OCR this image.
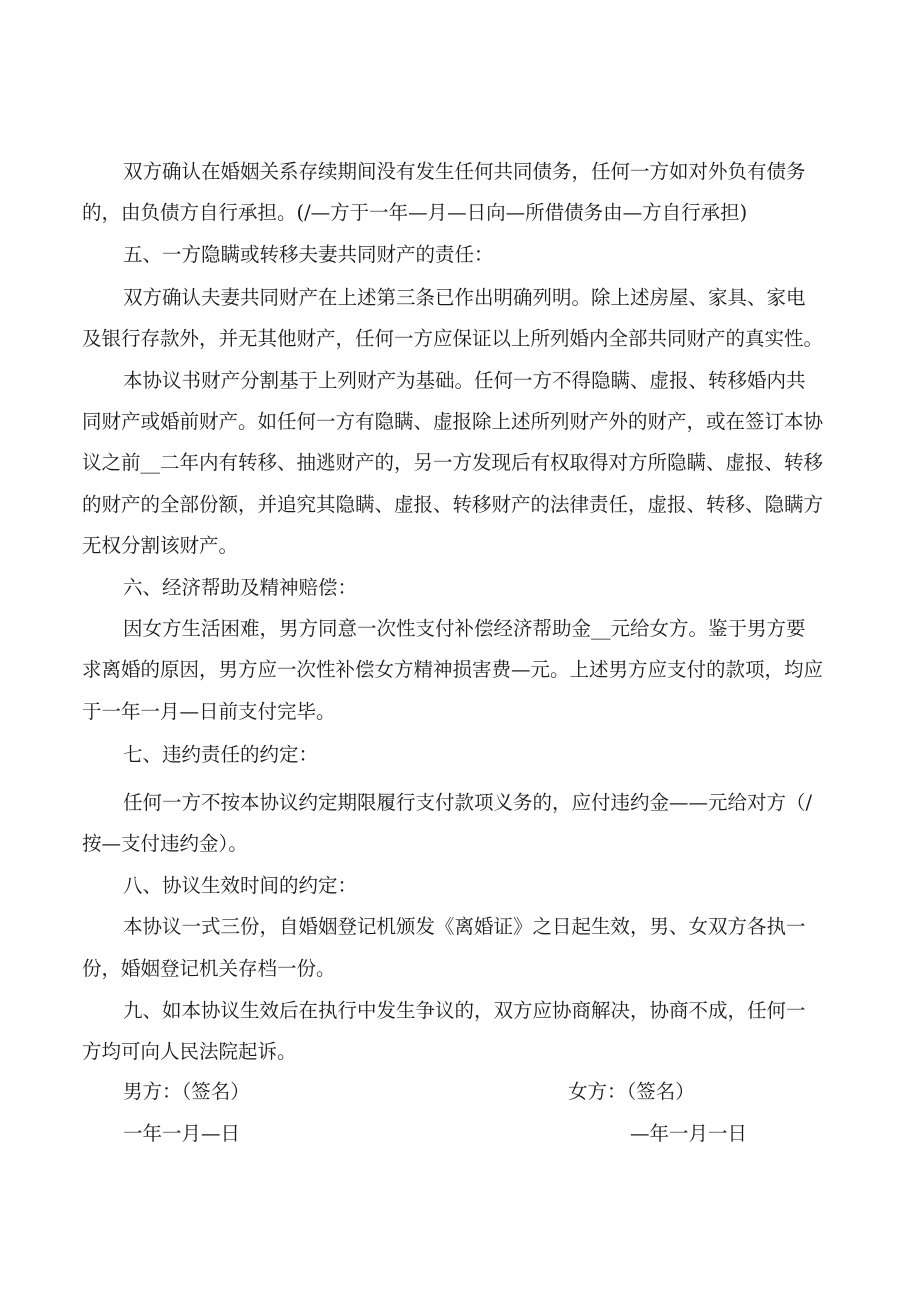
双方确认在婚姻关系存续期间没有发生任何共同债务，任何一方如对外负有债务
的，由负债方自行承担。(/—方于一年—月—日向—所借债务由—方自行承担)
五、一方隐瞒或转移夫妻共同财产的责任：
双方确认夫妻共同财产在上述第三条已作出明确列明。除上述房屋、家具、家电
及银行存款外，并无其他财产，任何一方应保证以上所列婚内全部共同财产的真实性。
本协议书财产分割基于上列财产为基础。任何一方不得隐瞒、虚报、转移婚内共
同财产或婚前财产。如任何一方有隐瞒、虚报除上述所列财产外的财产，或在签订本协
议之前__二年内有转移、抽逃财产的，另一方发现后有权取得对方所隐瞒、虚报、转移
的财产的全部份额，并追究其隐瞒、虚报、转移财产的法律责任，虚报、转移、隐瞒方
无权分割该财产。
六、经济帮助及精神赔偿：
因女方生活困难，男方同意一次性支付补偿经济帮助金__元给女方。鉴于男方要
求离婚的原因，男方应一次性补偿女方精神损害费—元。上述男方应支付的款项，均应
于一年一月—日前支付完毕。
七、违约责任的约定：
任何一方不按本协议约定期限履行支付款项义务的，应付违约金——元给对方（/
按—支付违约金）。
八、协议生效时间的约定：
本协议一式三份，自婚姻登记机颁发《离婚证》之日起生效，男、女双方各执一
份，婚姻登记机关存档一份。
九、如本协议生效后在执行中发生争议的，双方应协商解决，协商不成，任何一
方均可向人民法院起诉。
男方：（签名）	女方：（签名）
一年一月—日	—年一月一日
